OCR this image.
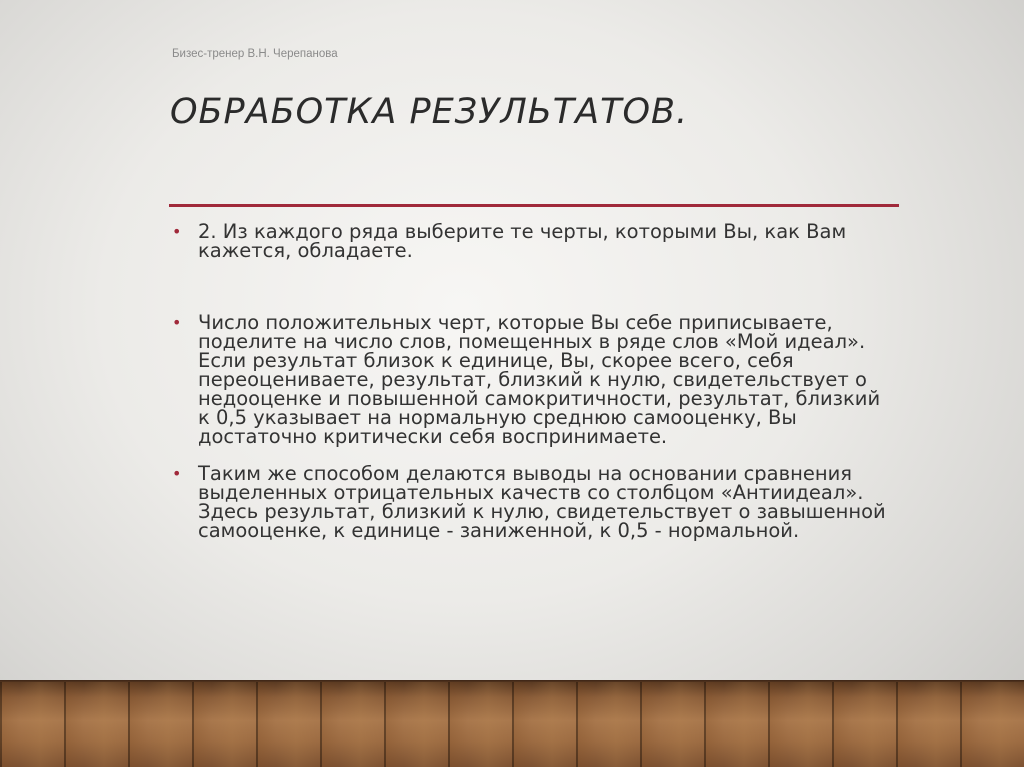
Бизес-тренер В.Н. Черепанова
ОБРАБОТКА РЕЗУЛЬТАТОВ.
• 2. Из каждого ряда выберите те черты, которыми Вы, как Вам кажется, обладаете.
• Число положительных черт, которые Вы себе приписываете, поделите на число слов, помещенных в ряде слов «Мой идеал». Если результат близок к единице, Вы, скорее всего, себя переоцениваете, результат, близкий к нулю, свидетельствует о недооценке и повышенной самокритичности, результат, близкий к 0,5 указывает на нормальную среднюю самооценку, Вы достаточно критически себя воспринимаете.
• Таким же способом делаются выводы на основании сравнения выделенных отрицательных качеств со столбцом «Антиидеал». Здесь результат, близкий к нулю, свидетельствует о завышенной самооценке, к единице - заниженной, к 0,5 - нормальной.
